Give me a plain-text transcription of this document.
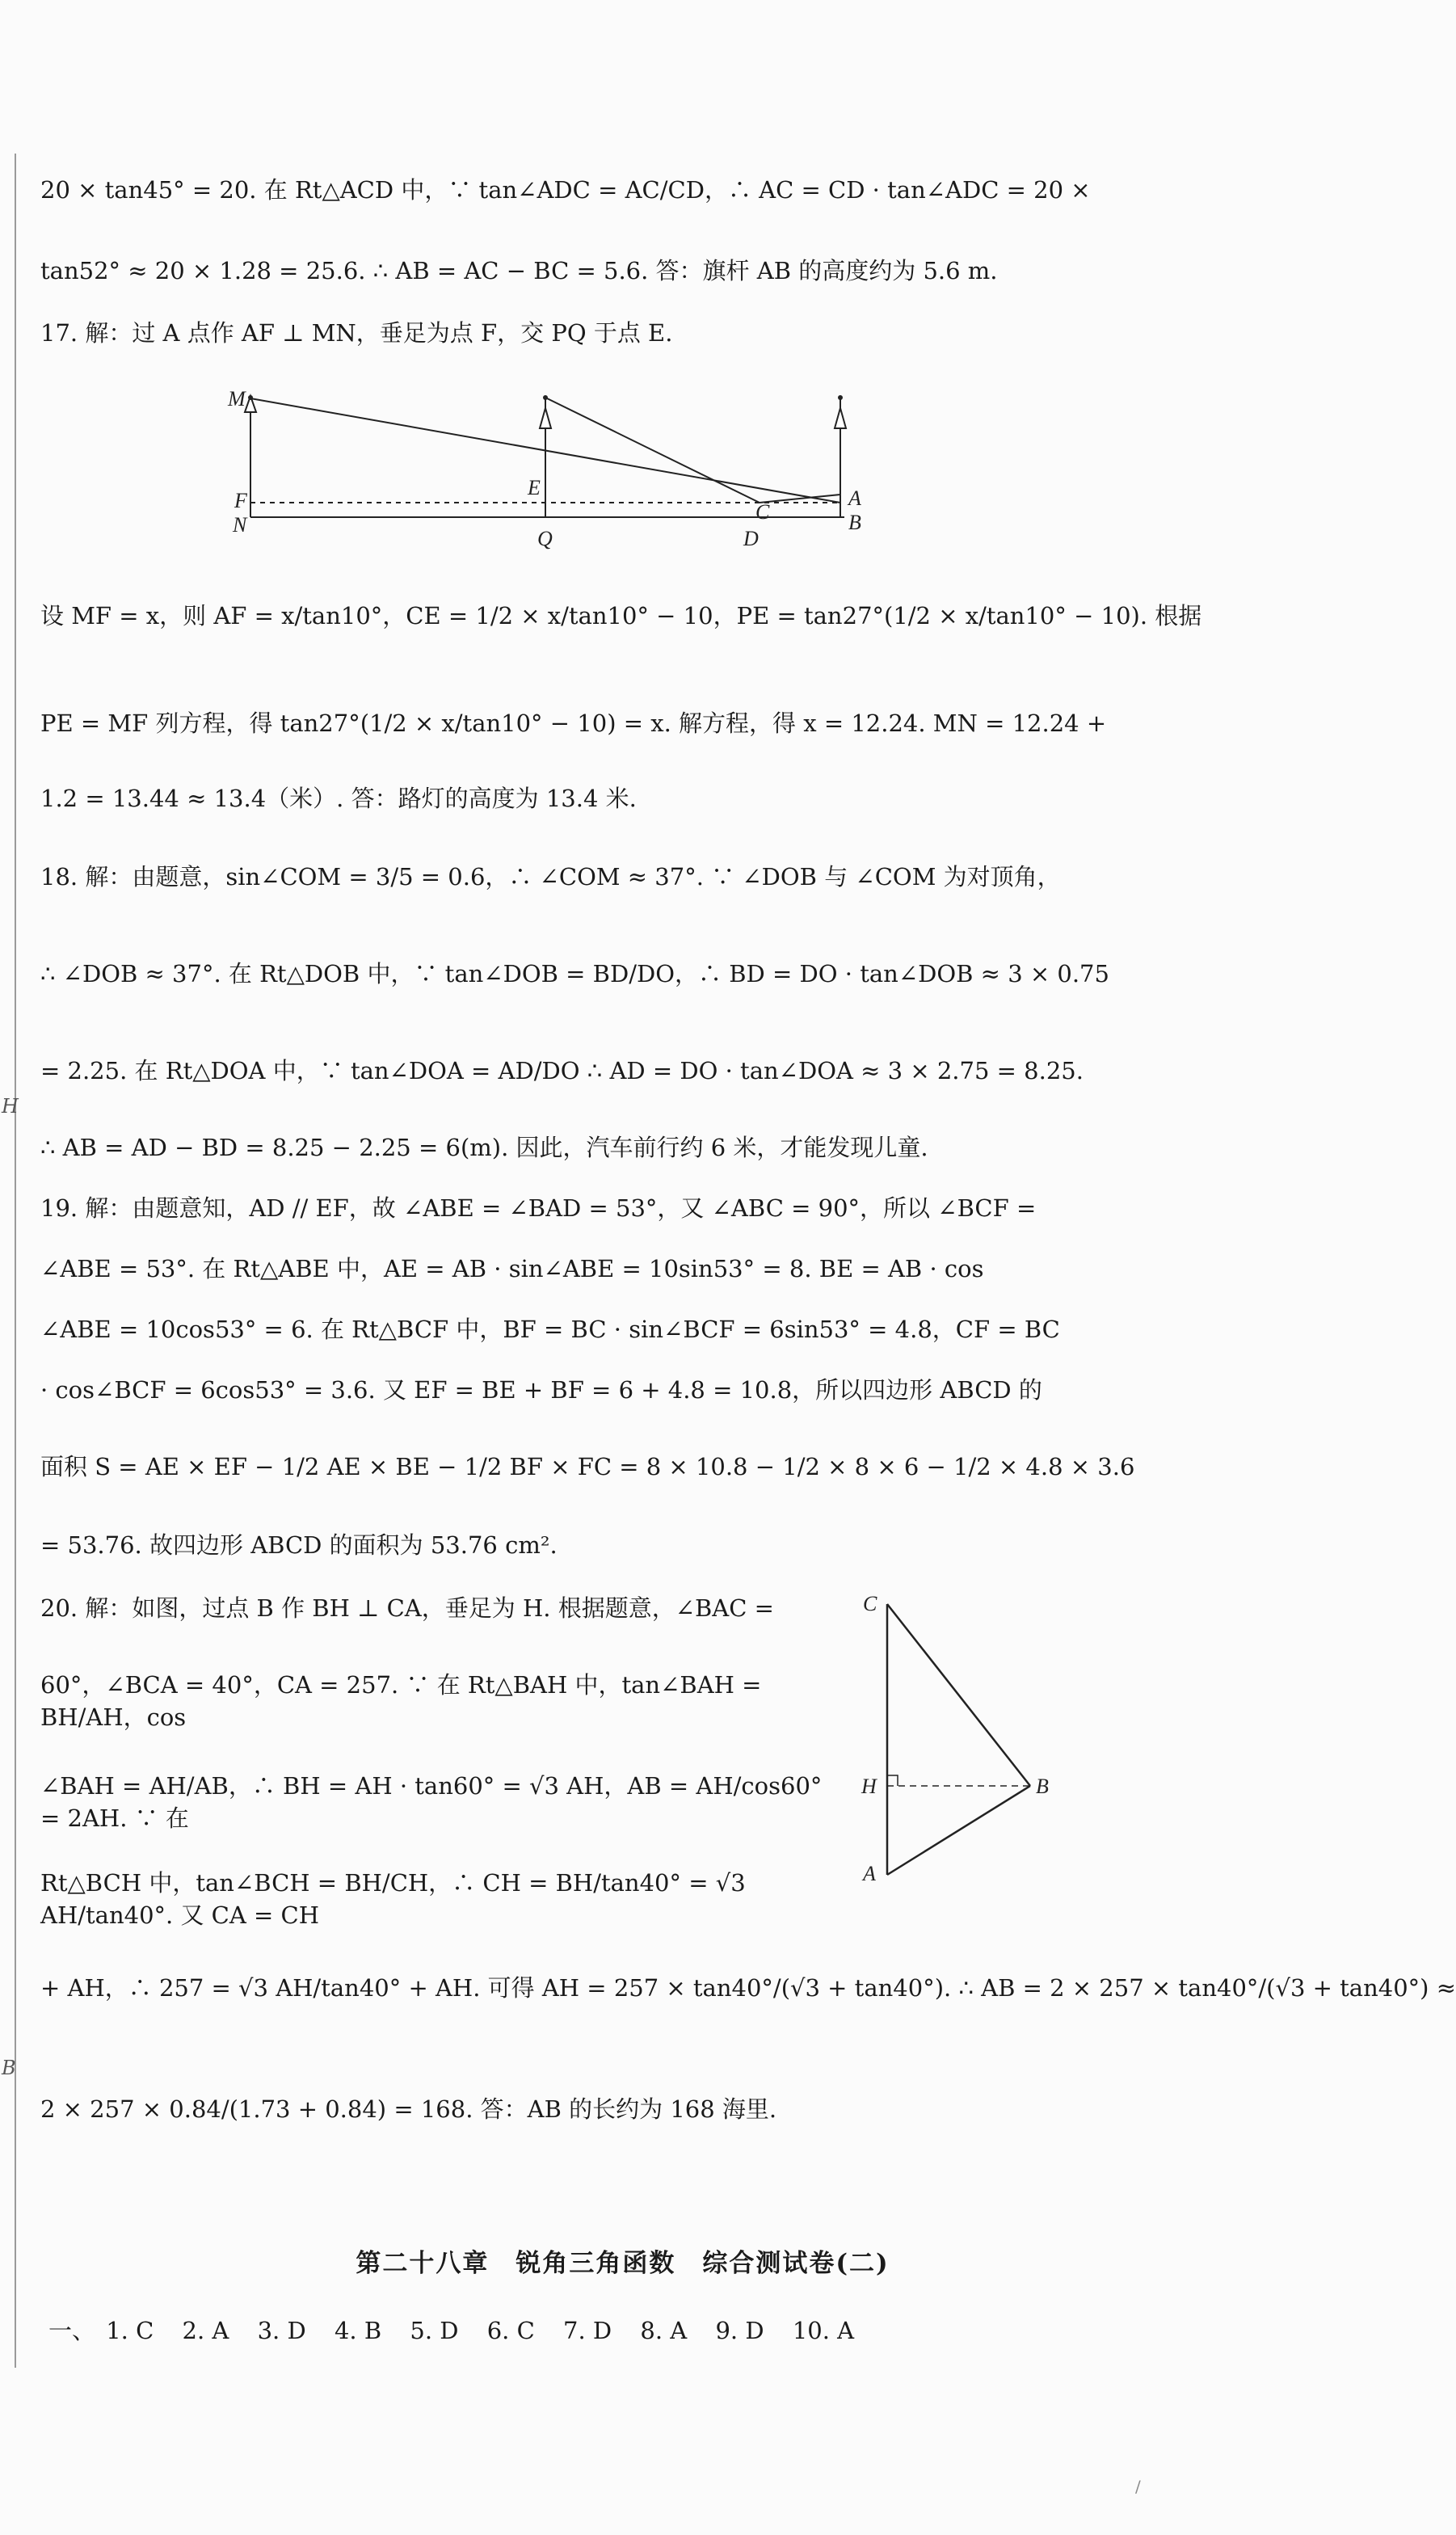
H
B
20 × tan45° = 20. 在 Rt△ACD 中，∵ tan∠ADC = AC/CD，∴ AC = CD · tan∠ADC = 20 ×
tan52° ≈ 20 × 1.28 = 25.6. ∴ AB = AC − BC = 5.6. 答：旗杆 AB 的高度约为 5.6 m.
17. 解：过 A 点作 AF ⊥ MN，垂足为点 F，交 PQ 于点 E.
M
F
N
E
Q
C
D
A
B
设 MF = x，则 AF = x/tan10°，CE = 1/2 × x/tan10° − 10，PE = tan27°(1/2 × x/tan10° − 10). 根据
PE = MF 列方程，得 tan27°(1/2 × x/tan10° − 10) = x. 解方程，得 x = 12.24. MN = 12.24 +
1.2 = 13.44 ≈ 13.4（米）. 答：路灯的高度为 13.4 米.
18. 解：由题意，sin∠COM = 3/5 = 0.6，∴ ∠COM ≈ 37°. ∵ ∠DOB 与 ∠COM 为对顶角，
∴ ∠DOB ≈ 37°. 在 Rt△DOB 中，∵ tan∠DOB = BD/DO，∴ BD = DO · tan∠DOB ≈ 3 × 0.75
= 2.25. 在 Rt△DOA 中，∵ tan∠DOA = AD/DO ∴ AD = DO · tan∠DOA ≈ 3 × 2.75 = 8.25.
∴ AB = AD − BD = 8.25 − 2.25 = 6(m). 因此，汽车前行约 6 米，才能发现儿童.
19. 解：由题意知，AD // EF，故 ∠ABE = ∠BAD = 53°，又 ∠ABC = 90°，所以 ∠BCF =
∠ABE = 53°. 在 Rt△ABE 中，AE = AB · sin∠ABE = 10sin53° = 8. BE = AB · cos
∠ABE = 10cos53° = 6. 在 Rt△BCF 中，BF = BC · sin∠BCF = 6sin53° = 4.8，CF = BC
· cos∠BCF = 6cos53° = 3.6. 又 EF = BE + BF = 6 + 4.8 = 10.8，所以四边形 ABCD 的
面积 S = AE × EF − 1/2 AE × BE − 1/2 BF × FC = 8 × 10.8 − 1/2 × 8 × 6 − 1/2 × 4.8 × 3.6
= 53.76. 故四边形 ABCD 的面积为 53.76 cm².
20. 解：如图，过点 B 作 BH ⊥ CA，垂足为 H. 根据题意，∠BAC =
60°，∠BCA = 40°，CA = 257. ∵ 在 Rt△BAH 中，tan∠BAH = BH/AH，cos
∠BAH = AH/AB，∴ BH = AH · tan60° = √3 AH，AB = AH/cos60° = 2AH. ∵ 在
Rt△BCH 中，tan∠BCH = BH/CH，∴ CH = BH/tan40° = √3 AH/tan40°. 又 CA = CH
C
H
A
B
+ AH，∴ 257 = √3 AH/tan40° + AH. 可得 AH = 257 × tan40°/(√3 + tan40°). ∴ AB = 2 × 257 × tan40°/(√3 + tan40°) ≈
2 × 257 × 0.84/(1.73 + 0.84) = 168. 答：AB 的长约为 168 海里.
第二十八章　锐角三角函数　综合测试卷(二)
一、 1. C 2. A 3. D 4. B 5. D 6. C 7. D 8. A 9. D 10. A
/
